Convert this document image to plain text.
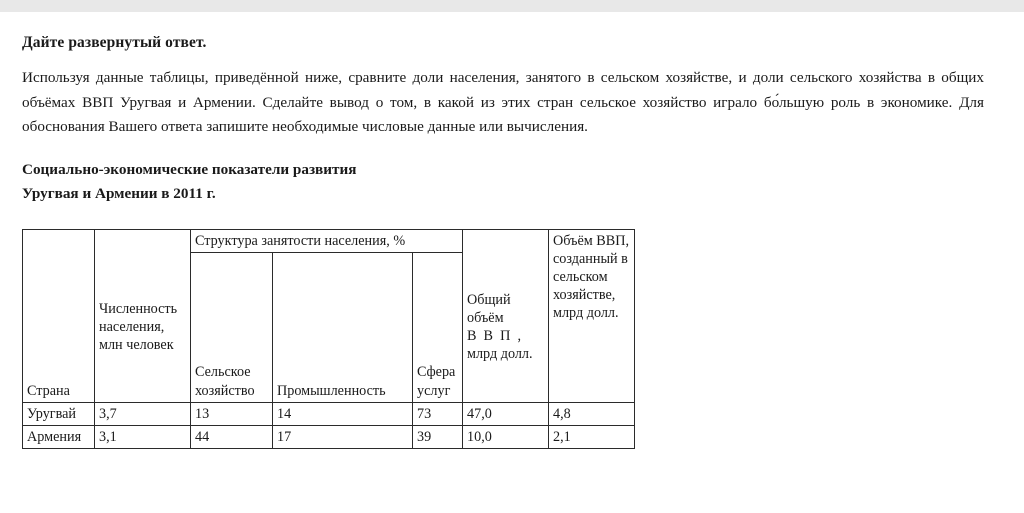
Дайте развернутый ответ.

Используя данные таблицы, приведённой ниже, сравните доли населения, занятого в сельском хозяйстве, и доли сельского хозяйства в общих объёмах ВВП Уругвая и Армении. Сделайте вывод о том, в какой из этих стран сельское хозяйство играло бо́льшую роль в экономике. Для обоснования Вашего ответа запишите необходимые числовые данные или вычисления.

Социально-экономические показатели развития
Уругвая и Армении в 2011 г.
		Структура занятости населения, %				Объём ВВП, созданный в сельском хозяйстве, млрд долл.
Страна	Численность населения, млн человек	Сельское хозяйство	Промышленность	Сфера услуг	Общий
объём
В В П ,
млрд долл.	

Уругвай	3,7	13	14	73	47,0	4,8
Армения	3,1	44	17	39	10,0	2,1
